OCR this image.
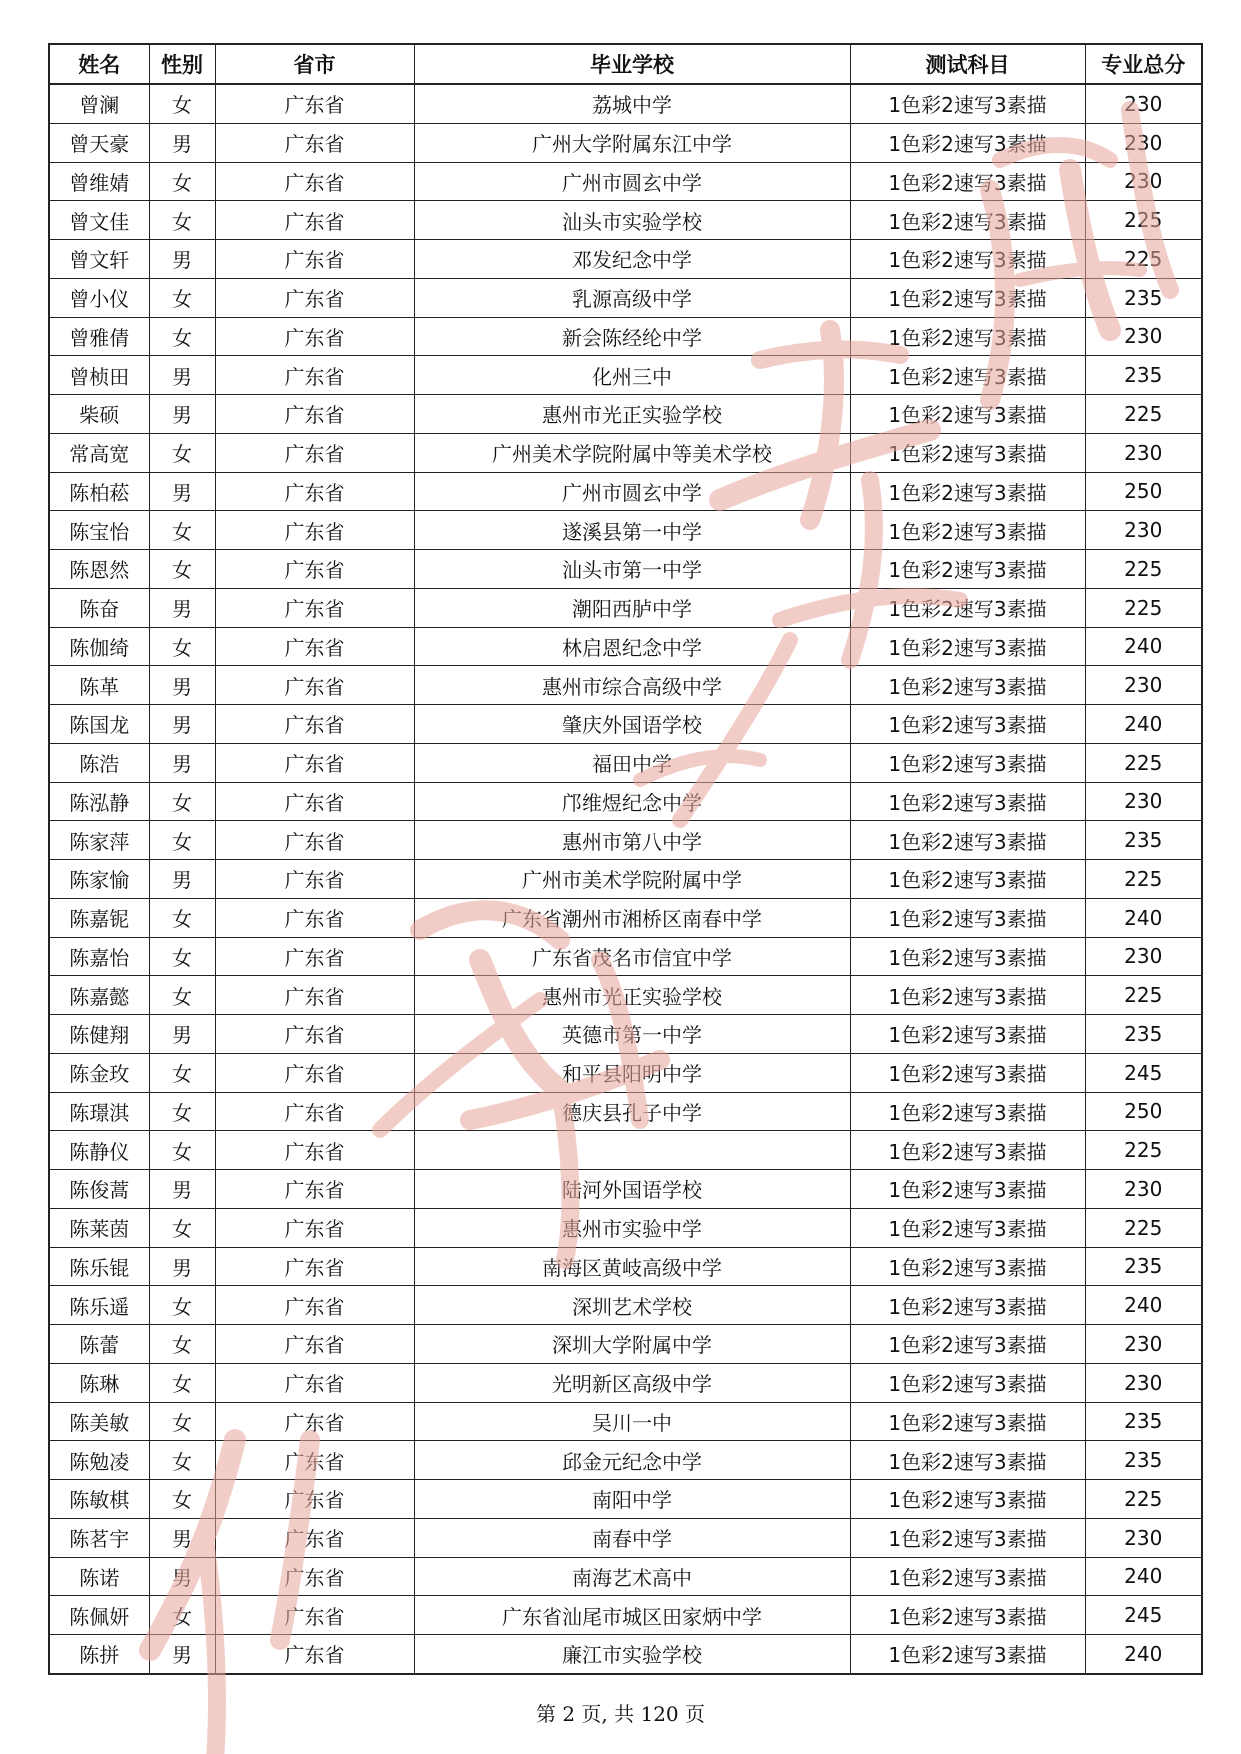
姓名	性别	省市	毕业学校	测试科目	专业总分
曾澜	女	广东省	荔城中学	1色彩2速写3素描	230
曾天豪	男	广东省	广州大学附属东江中学	1色彩2速写3素描	230
曾维婧	女	广东省	广州市圆玄中学	1色彩2速写3素描	230
曾文佳	女	广东省	汕头市实验学校	1色彩2速写3素描	225
曾文轩	男	广东省	邓发纪念中学	1色彩2速写3素描	225
曾小仪	女	广东省	乳源高级中学	1色彩2速写3素描	235
曾雅倩	女	广东省	新会陈经纶中学	1色彩2速写3素描	230
曾桢田	男	广东省	化州三中	1色彩2速写3素描	235
柴硕	男	广东省	惠州市光正实验学校	1色彩2速写3素描	225
常高宽	女	广东省	广州美术学院附属中等美术学校	1色彩2速写3素描	230
陈柏菘	男	广东省	广州市圆玄中学	1色彩2速写3素描	250
陈宝怡	女	广东省	遂溪县第一中学	1色彩2速写3素描	230
陈恩然	女	广东省	汕头市第一中学	1色彩2速写3素描	225
陈奋	男	广东省	潮阳西胪中学	1色彩2速写3素描	225
陈伽绮	女	广东省	林启恩纪念中学	1色彩2速写3素描	240
陈革	男	广东省	惠州市综合高级中学	1色彩2速写3素描	230
陈国龙	男	广东省	肇庆外国语学校	1色彩2速写3素描	240
陈浩	男	广东省	福田中学	1色彩2速写3素描	225
陈泓静	女	广东省	邝维煜纪念中学	1色彩2速写3素描	230
陈家萍	女	广东省	惠州市第八中学	1色彩2速写3素描	235
陈家愉	男	广东省	广州市美术学院附属中学	1色彩2速写3素描	225
陈嘉铌	女	广东省	广东省潮州市湘桥区南春中学	1色彩2速写3素描	240
陈嘉怡	女	广东省	广东省茂名市信宜中学	1色彩2速写3素描	230
陈嘉懿	女	广东省	惠州市光正实验学校	1色彩2速写3素描	225
陈健翔	男	广东省	英德市第一中学	1色彩2速写3素描	235
陈金玫	女	广东省	和平县阳明中学	1色彩2速写3素描	245
陈璟淇	女	广东省	德庆县孔子中学	1色彩2速写3素描	250
陈静仪	女	广东省		1色彩2速写3素描	225
陈俊蒿	男	广东省	陆河外国语学校	1色彩2速写3素描	230
陈莱茵	女	广东省	惠州市实验中学	1色彩2速写3素描	225
陈乐锟	男	广东省	南海区黄岐高级中学	1色彩2速写3素描	235
陈乐遥	女	广东省	深圳艺术学校	1色彩2速写3素描	240
陈蕾	女	广东省	深圳大学附属中学	1色彩2速写3素描	230
陈琳	女	广东省	光明新区高级中学	1色彩2速写3素描	230
陈美敏	女	广东省	吴川一中	1色彩2速写3素描	235
陈勉凌	女	广东省	邱金元纪念中学	1色彩2速写3素描	235
陈敏棋	女	广东省	南阳中学	1色彩2速写3素描	225
陈茗宇	男	广东省	南春中学	1色彩2速写3素描	230
陈诺	男	广东省	南海艺术高中	1色彩2速写3素描	240
陈佩妍	女	广东省	广东省汕尾市城区田家炳中学	1色彩2速写3素描	245
陈拼	男	广东省	廉江市实验学校	1色彩2速写3素描	240
第 2 页, 共 120 页
